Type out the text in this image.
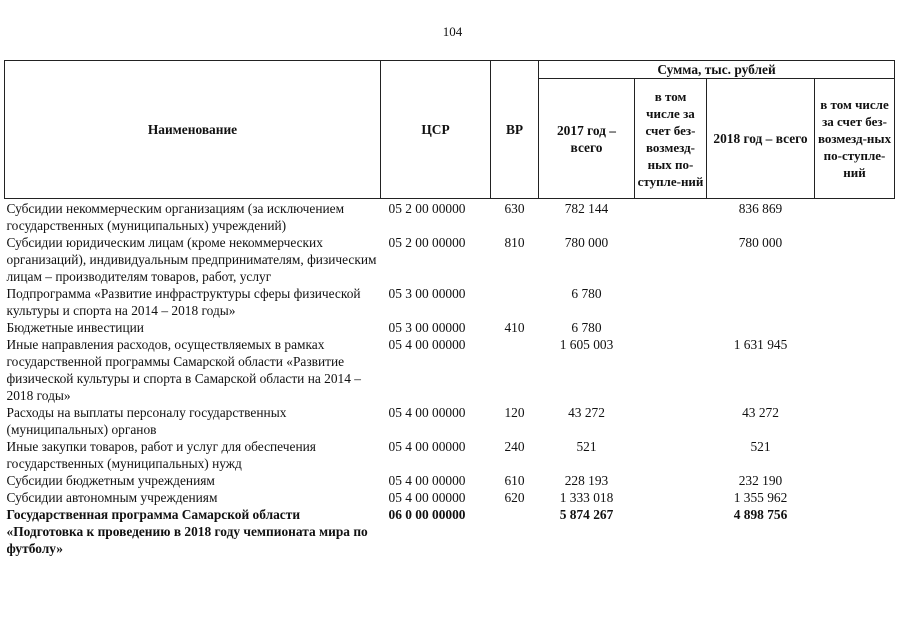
104
Наименование	ЦСР	ВР	Сумма, тыс. рублей			
			2017 год – всего	в том числе за счет без-возмезд-ных по-ступле-ний	2018 год – всего	в том числе за счет без-возмезд-ных по-ступле-ний
Субсидии некоммерческим организациям (за исключением государственных (муниципальных) учреждений)	05 2 00 00000	630	782 144		836 869	
Субсидии юридическим лицам (кроме некоммерческих организаций), индивидуальным предпринимателям, физическим лицам – производителям товаров, работ, услуг	05 2 00 00000	810	780 000		780 000	
Подпрограмма «Развитие инфраструктуры сферы физической культуры и спорта на 2014 – 2018 годы»	05 3 00 00000		6 780			
Бюджетные инвестиции	05 3 00 00000	410	6 780			
Иные направления расходов, осуществляемых в рамках государственной программы Самарской области «Развитие физической культуры и спорта в Самарской области на 2014 – 2018 годы»	05 4 00 00000		1 605 003		1 631 945	
Расходы на выплаты персоналу государственных (муниципальных) органов	05 4 00 00000	120	43 272		43 272	
Иные закупки товаров, работ и услуг для обеспечения государственных (муниципальных) нужд	05 4 00 00000	240	521		521	
Субсидии бюджетным учреждениям	05 4 00 00000	610	228 193		232 190	
Субсидии автономным учреждениям	05 4 00 00000	620	1 333 018		1 355 962	
Государственная программа Самарской области «Подготовка к проведению в 2018 году чемпионата мира по футболу»	06 0 00 00000		5 874 267		4 898 756	
